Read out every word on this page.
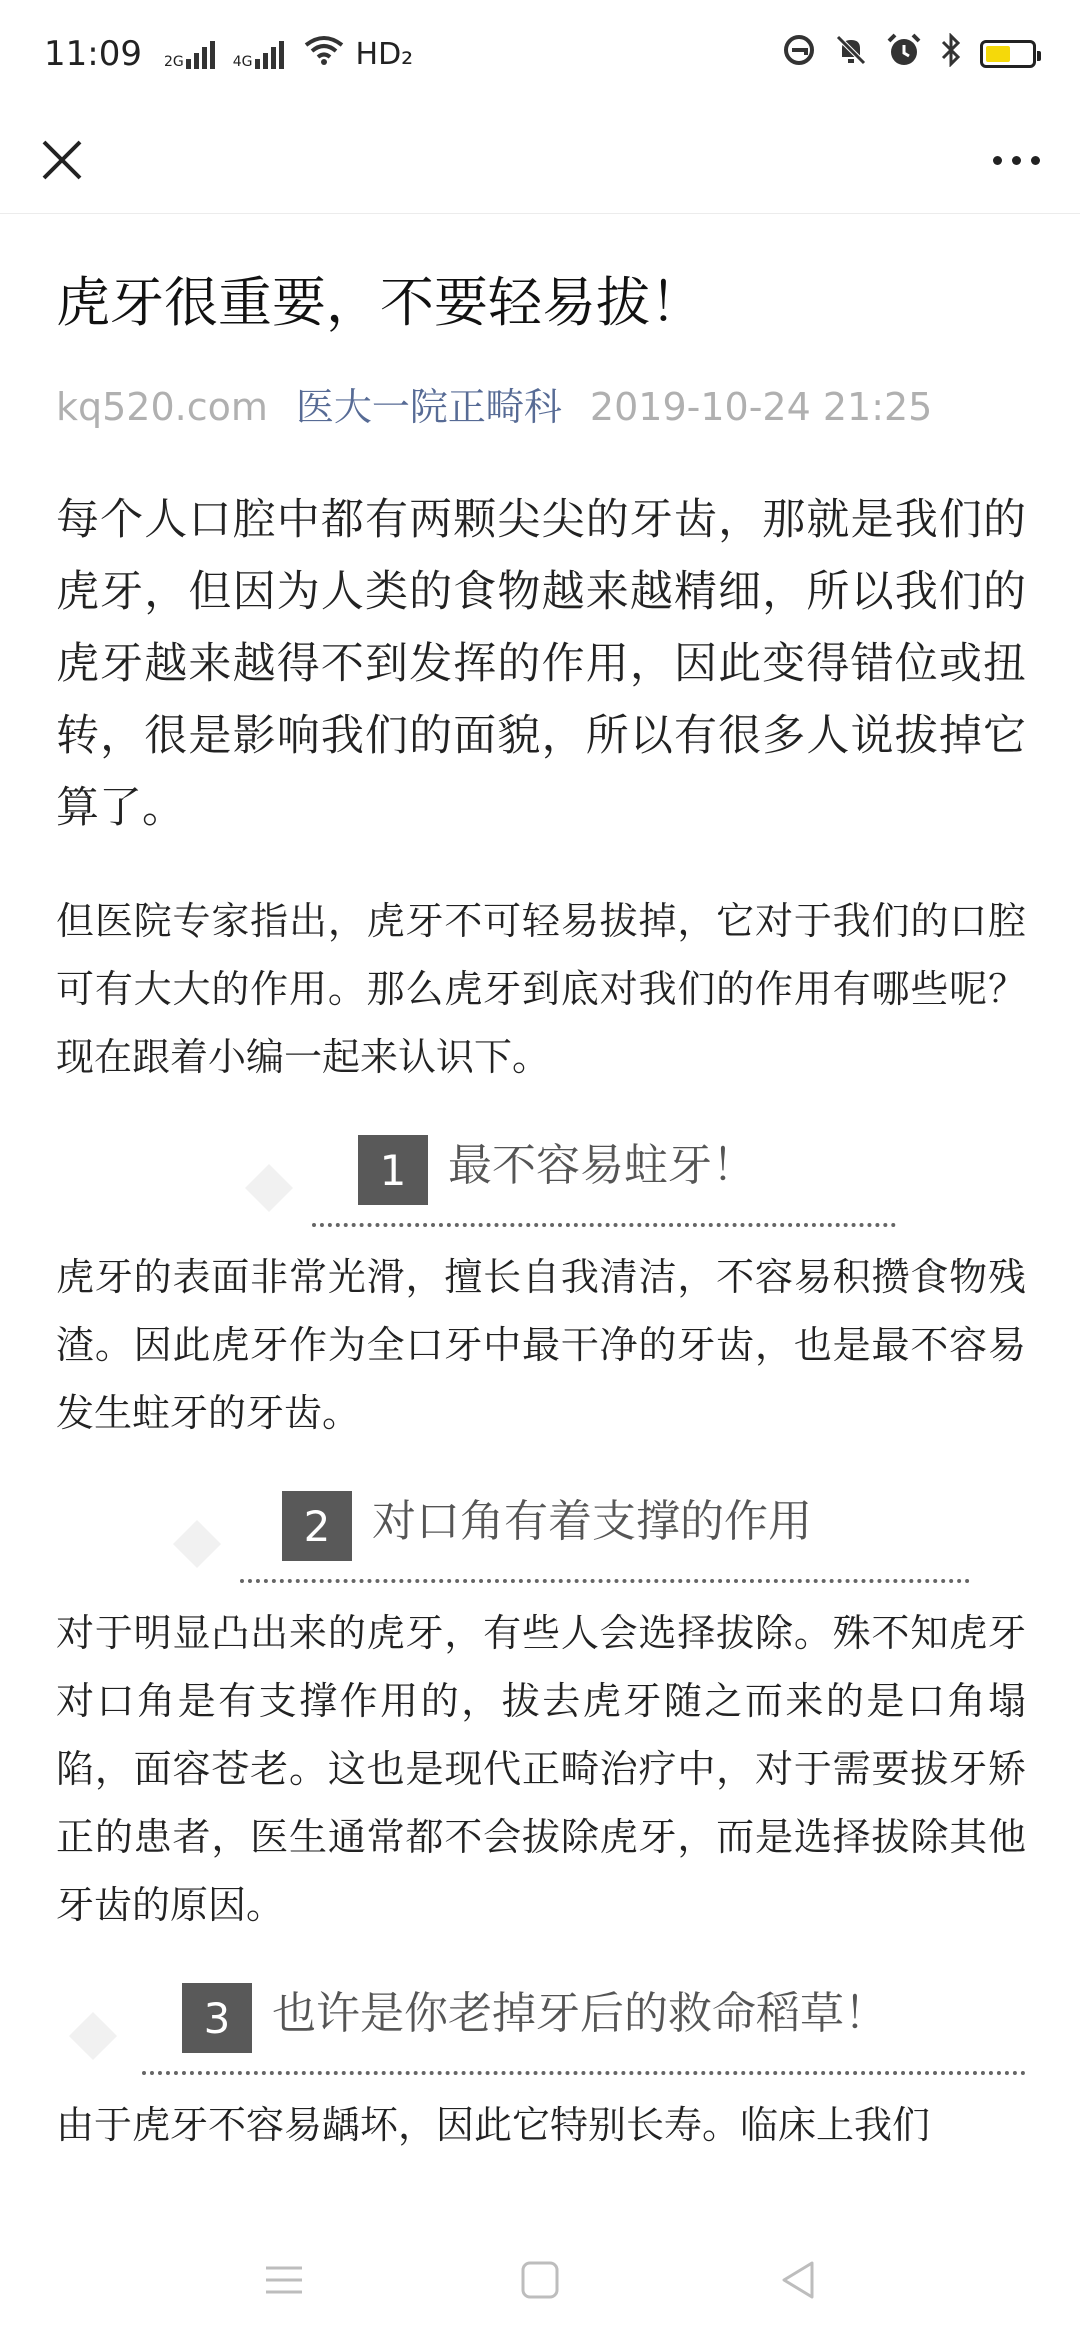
11:09 2G	4G	HD₂
虎牙很重要，不要轻易拔！
kq520.com 医大一院正畸科 2019-10-24 21:25

每个人口腔中都有两颗尖尖的牙齿，那就是我们的虎牙，但因为人类的食物越来越精细，所以我们的虎牙越来越得不到发挥的作用，因此变得错位或扭转，很是影响我们的面貌，所以有很多人说拔掉它算了。

但医院专家指出，虎牙不可轻易拔掉，它对于我们的口腔可有大大的作用。那么虎牙到底对我们的作用有哪些呢？现在跟着小编一起来认识下。

1 最不容易蛀牙！

虎牙的表面非常光滑，擅长自我清洁，不容易积攒食物残渣。因此虎牙作为全口牙中最干净的牙齿，也是最不容易发生蛀牙的牙齿。

2 对口角有着支撑的作用

对于明显凸出来的虎牙，有些人会选择拔除。殊不知虎牙对口角是有支撑作用的，拔去虎牙随之而来的是口角塌陷，面容苍老。这也是现代正畸治疗中，对于需要拔牙矫正的患者，医生通常都不会拔除虎牙，而是选择拔除其他牙齿的原因。

3 也许是你老掉牙后的救命稻草！

由于虎牙不容易龋坏，因此它特别长寿。临床上我们
